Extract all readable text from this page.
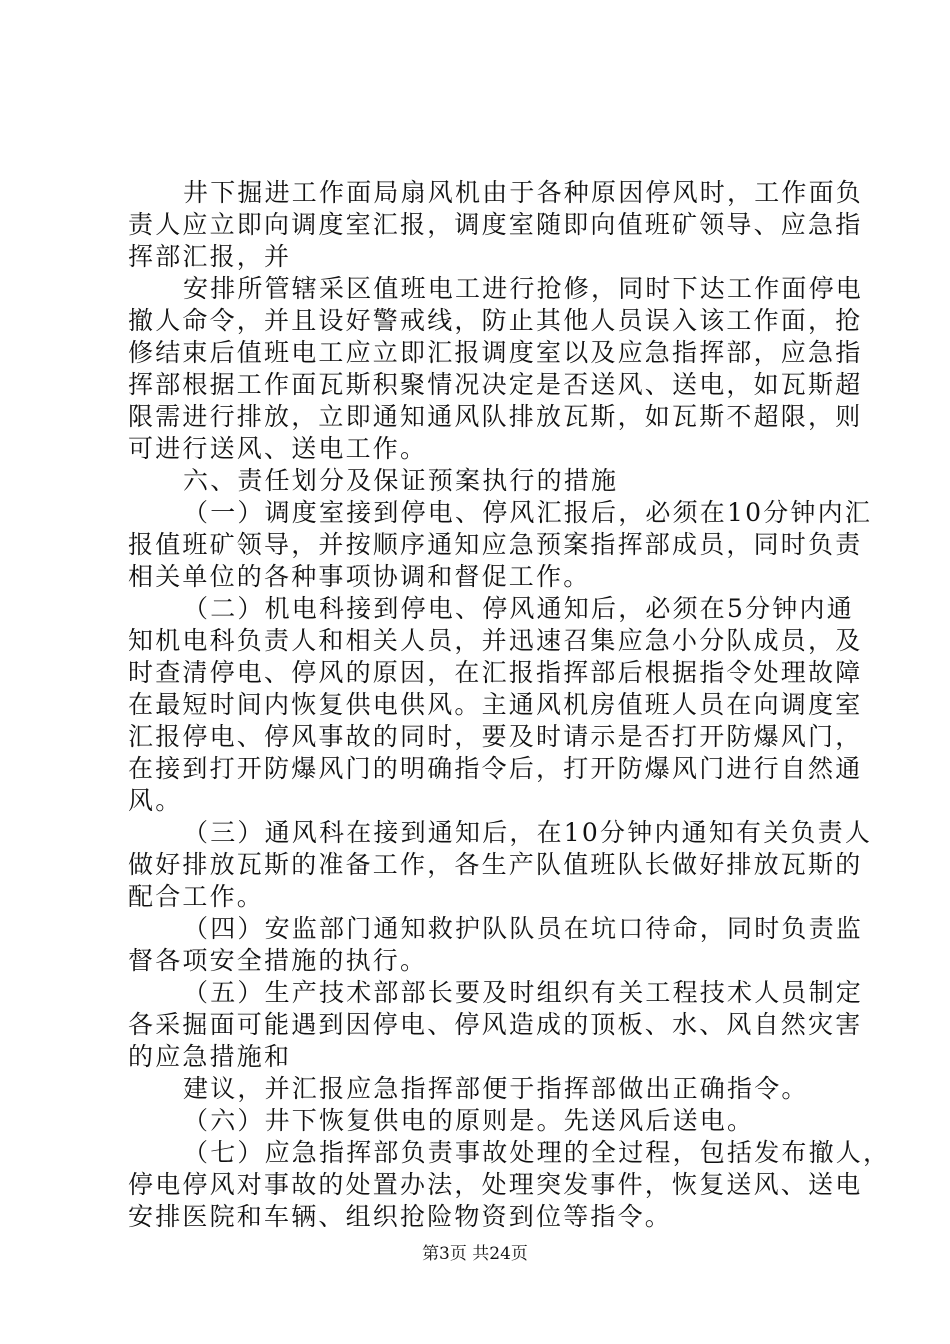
井下掘进工作面局扇风机由于各种原因停风时，工作面负
责人应立即向调度室汇报，调度室随即向值班矿领导、应急指
挥部汇报，并
安排所管辖采区值班电工进行抢修，同时下达工作面停电
撤人命令，并且设好警戒线，防止其他人员误入该工作面，抢
修结束后值班电工应立即汇报调度室以及应急指挥部，应急指
挥部根据工作面瓦斯积聚情况决定是否送风、送电，如瓦斯超
限需进行排放，立即通知通风队排放瓦斯，如瓦斯不超限，则
可进行送风、送电工作。
六、责任划分及保证预案执行的措施
（一）调度室接到停电、停风汇报后，必须在10分钟内汇
报值班矿领导，并按顺序通知应急预案指挥部成员，同时负责
相关单位的各种事项协调和督促工作。
（二）机电科接到停电、停风通知后，必须在5分钟内通
知机电科负责人和相关人员，并迅速召集应急小分队成员，及
时查清停电、停风的原因，在汇报指挥部后根据指令处理故障
在最短时间内恢复供电供风。主通风机房值班人员在向调度室
汇报停电、停风事故的同时，要及时请示是否打开防爆风门，
在接到打开防爆风门的明确指令后，打开防爆风门进行自然通
风。
（三）通风科在接到通知后，在10分钟内通知有关负责人
做好排放瓦斯的准备工作，各生产队值班队长做好排放瓦斯的
配合工作。
（四）安监部门通知救护队队员在坑口待命，同时负责监
督各项安全措施的执行。
（五）生产技术部部长要及时组织有关工程技术人员制定
各采掘面可能遇到因停电、停风造成的顶板、水、风自然灾害
的应急措施和
建议，并汇报应急指挥部便于指挥部做出正确指令。
（六）井下恢复供电的原则是。先送风后送电。
（七）应急指挥部负责事故处理的全过程，包括发布撤人，
停电停风对事故的处置办法，处理突发事件，恢复送风、送电
安排医院和车辆、组织抢险物资到位等指令。
第3页 共24页
